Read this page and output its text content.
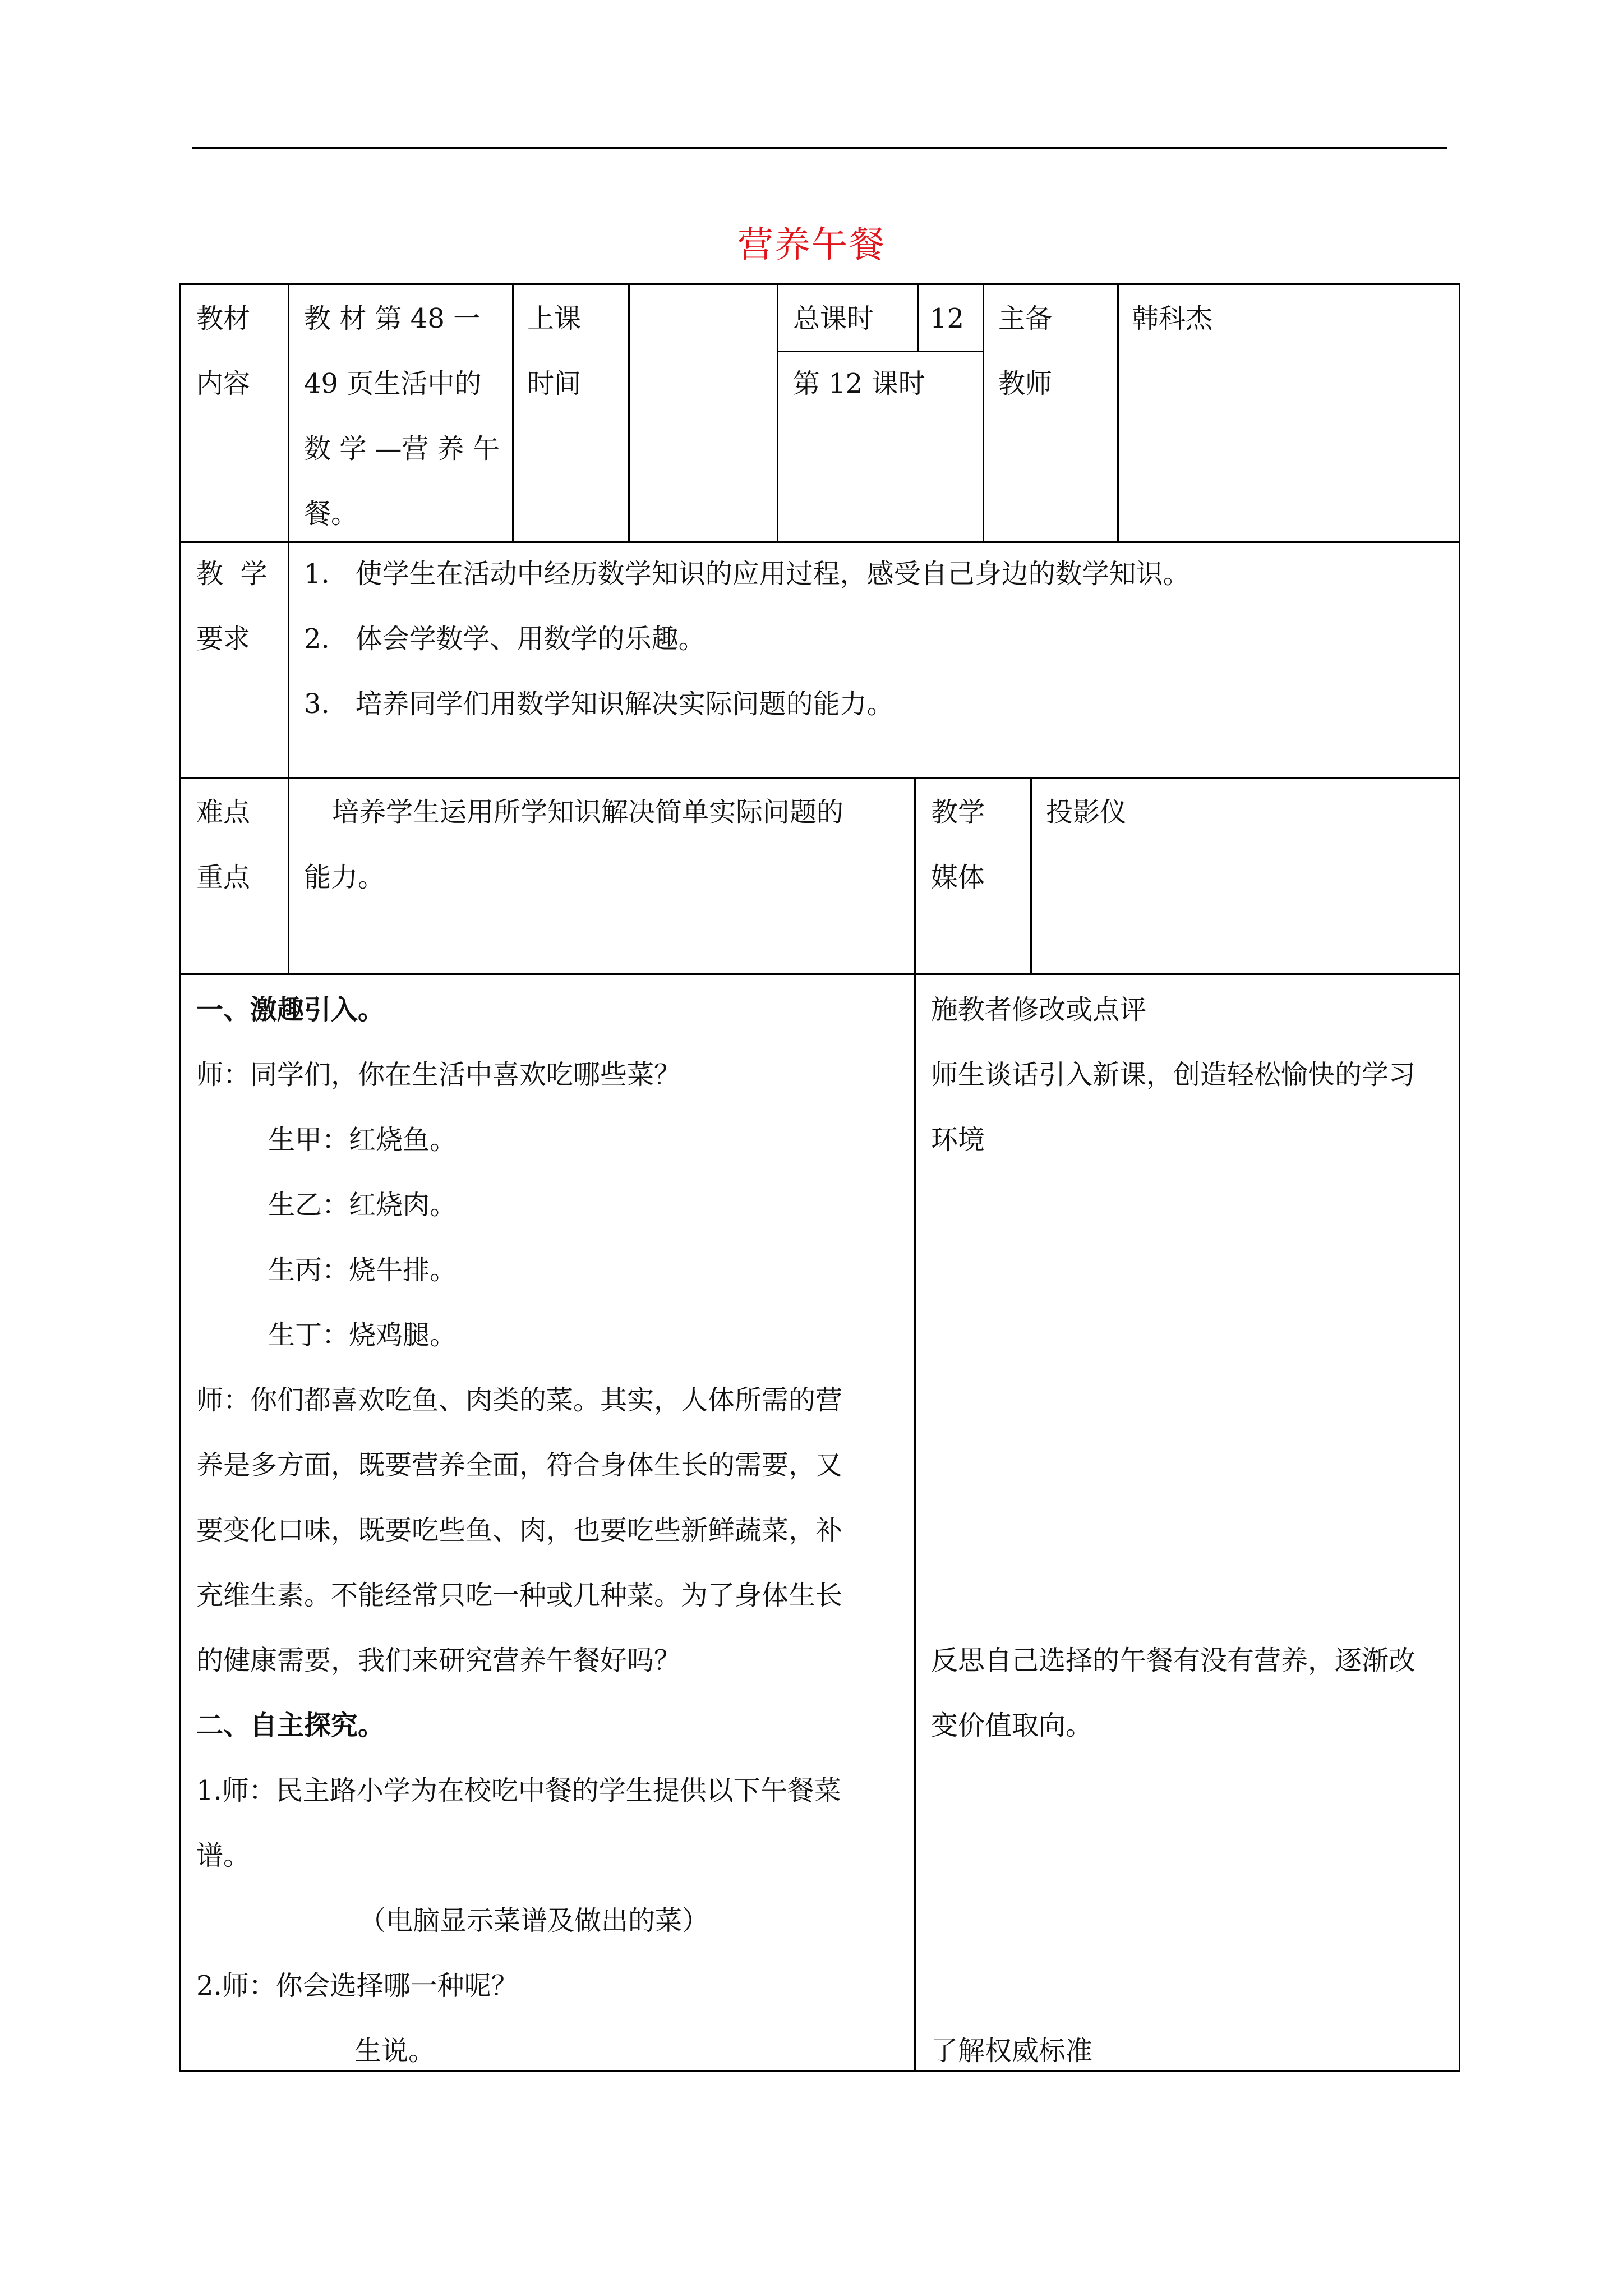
营养午餐
教材
内容
教 材 第 48 一
49 页生活中的
数 学 —营 养 午
餐。
上课
时间
总课时 12
第 12 课时
主备
教师
韩科杰
教  学
要求
1.   使学生在活动中经历数学知识的应用过程，感受自己身边的数学知识。
2.   体会学数学、用数学的乐趣。
3.   培养同学们用数学知识解决实际问题的能力。
难点
重点
培养学生运用所学知识解决简单实际问题的
能力。
教学
媒体
投影仪
一、激趣引入。
师：同学们，你在生活中喜欢吃哪些菜？
生甲：红烧鱼。
生乙：红烧肉。
生丙：烧牛排。
生丁：烧鸡腿。
师：你们都喜欢吃鱼、肉类的菜。其实，人体所需的营
养是多方面，既要营养全面，符合身体生长的需要，又
要变化口味，既要吃些鱼、肉，也要吃些新鲜蔬菜，补
充维生素。不能经常只吃一种或几种菜。为了身体生长
的健康需要，我们来研究营养午餐好吗？
二、自主探究。
1.师：民主路小学为在校吃中餐的学生提供以下午餐菜
谱。
（电脑显示菜谱及做出的菜）
2.师：你会选择哪一种呢？
生说。
施教者修改或点评
师生谈话引入新课，创造轻松愉快的学习
环境
反思自己选择的午餐有没有营养，逐渐改
变价值取向。
了解权威标准
